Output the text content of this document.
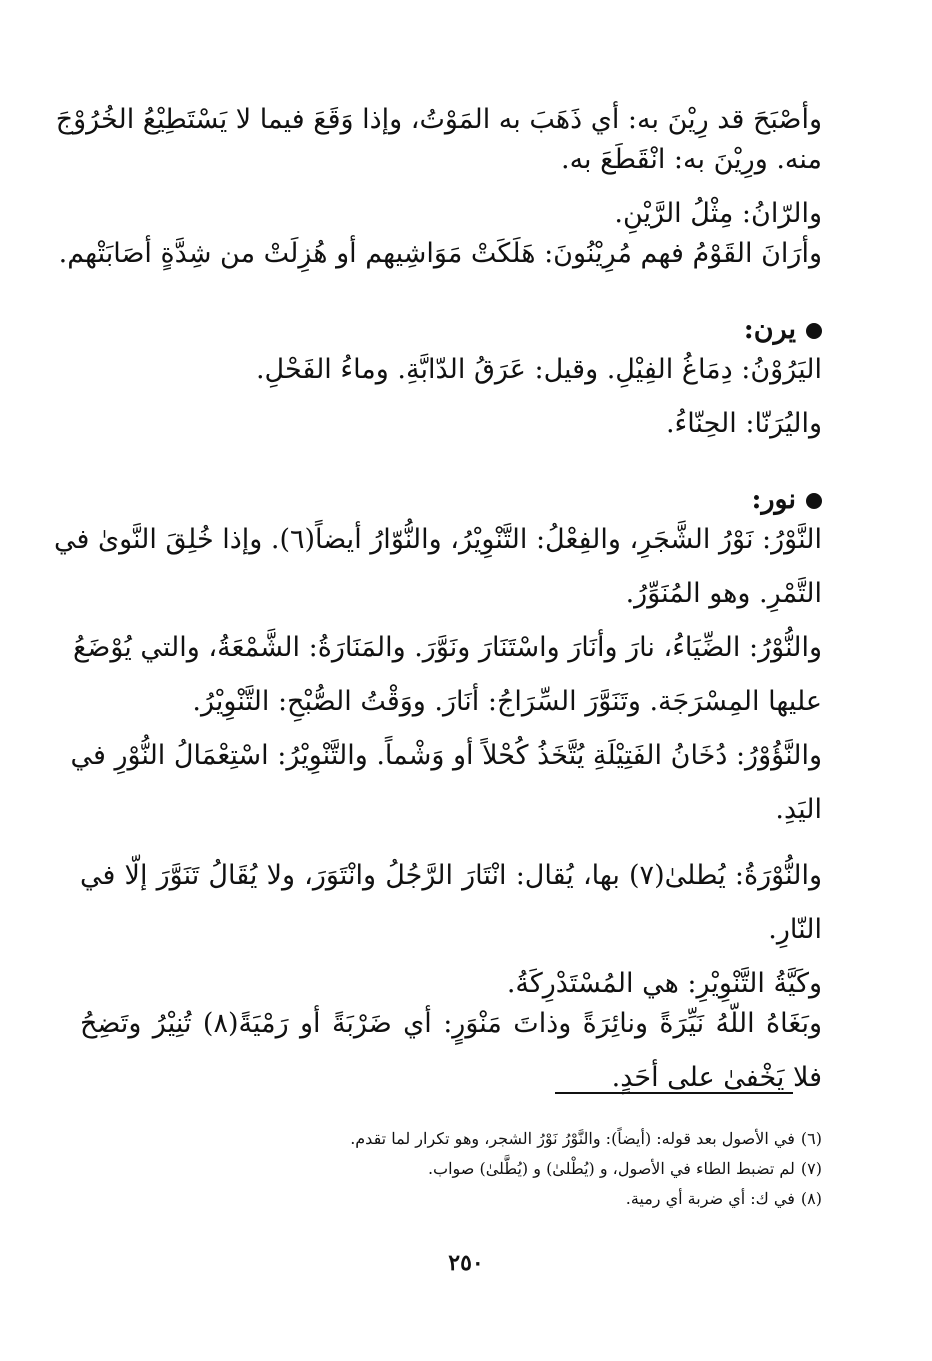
وأصْبَحَ قد رِيْنَ به: أي ذَهَبَ به المَوْتُ، وإذا وَقَعَ فيما لا يَسْتَطِيْعُ الخُرُوْجَ
منه. ورِيْنَ به: انْقَطَعَ به.
والرّانُ: مِثْلُ الرَّيْنِ.
وأرَانَ القَوْمُ فهم مُرِيْنُونَ: هَلَكَتْ مَوَاشِيهم أو هُزِلَتْ من شِدَّةٍ أصَابَتْهم.
يرن:
اليَرُوْنُ: دِمَاغُ الفِيْلِ. وقيل: عَرَقُ الدّابَّةِ. وماءُ الفَحْلِ.
واليُرَنّا: الحِنّاءُ.
نور:
النَّوْرُ: نَوْرُ الشَّجَرِ، والفِعْلُ: التَّنْوِيْرُ، والنُّوّارُ أيضاً(٦). وإذا خُلِقَ النَّوىٰ في
التَّمْرِ. وهو المُنَوِّرُ.
والنُّوْرُ: الضِّيَاءُ، نارَ وأنَارَ واسْتَنَارَ ونَوَّرَ. والمَنَارَةُ: الشَّمْعَةُ، والتي يُوْضَعُ
عليها المِسْرَجَة. وتَنَوَّرَ السِّرَاجُ: أنَارَ. ووَقْتُ الصُّبْحِ: التَّنْوِيْرُ.
والنَّؤُوْرُ: دُخَانُ الفَتِيْلَةِ يُتَّخَذُ كُحْلاً أو وَشْماً. والتَّنْوِيْرُ: اسْتِعْمَالُ النُّوْرِ في
اليَدِ.
والنُّوْرَةُ: يُطلىٰ(٧) بها، يُقال: انْتَارَ الرَّجُلُ وانْتَوَرَ، ولا يُقَالُ تَنَوَّرَ إلّا في
النّارِ.
وكَيَّةُ التَّنْوِيْرِ: هي المُسْتَدْرِكَةُ.
وبَغَاهُ اللّهُ نَيِّرَةً ونائِرَةً وذاتَ مَنْوَرٍ: أي ضَرْبَةً أو رَمْيَةً(٨) تُنِيْرُ وتَضِحُ
فلا يَخْفىٰ على أحَدٍ.
(٦)في الأصول بعد قوله: (أيضاً): والنَّوْرُ نَوْرُ الشجر، وهو تكرار لما تقدم.
(٧)لم تضبط الطاء في الأصول، و (يُطْلىٰ) و (يُطَّلىٰ) صواب.
(٨)في ك: أي ضربة أي رمية.
٢٥٠
